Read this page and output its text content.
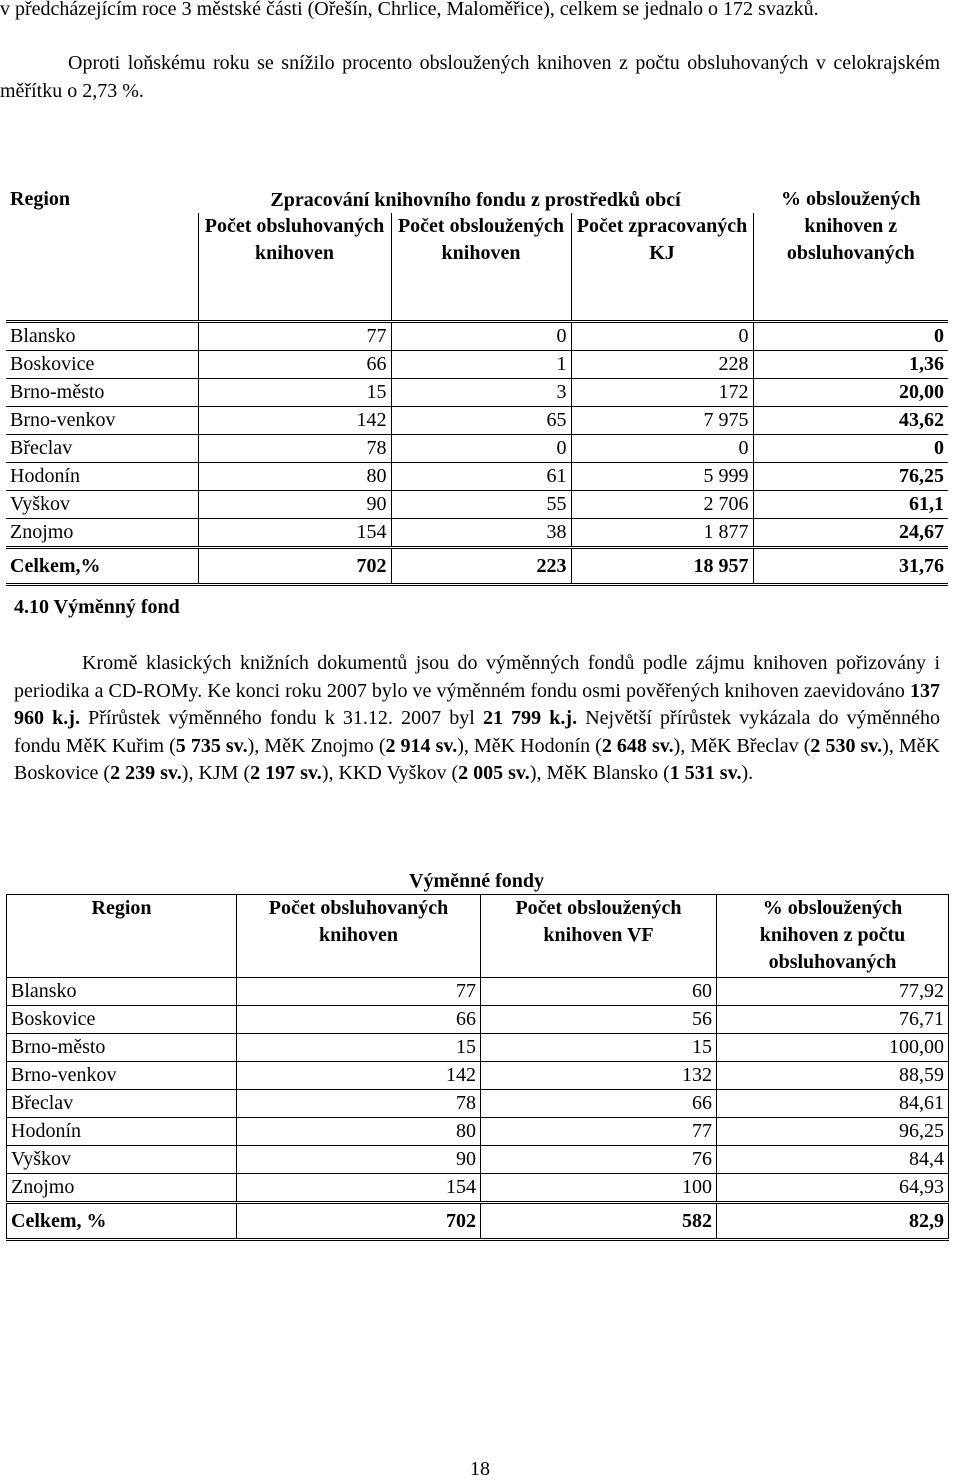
v předcházejícím roce 3 městské části (Ořešín, Chrlice, Maloměřice), celkem se jednalo o 172 svazků.
Oproti loňskému roku se snížilo procento obsloužených knihoven z počtu obsluhovaných v celokrajském měřítku o 2,73 %.
	Zpracování knihovního fondu z prostředků obcí			
Region	Počet obsluhovaných knihoven	Počet obsloužených knihoven	Počet zpracovaných KJ	% obsloužených knihoven z obsluhovaných
Blansko	77	0	0	0
Boskovice	66	1	228	1,36
Brno-město	15	3	172	20,00
Brno-venkov	142	65	7 975	43,62
Břeclav	78	0	0	0
Hodonín	80	61	5 999	76,25
Vyškov	90	55	2 706	61,1
Znojmo	154	38	1 877	24,67
Celkem,%	702	223	18 957	31,76
4.10 Výměnný fond
Kromě klasických knižních dokumentů jsou do výměnných fondů podle zájmu knihoven pořizovány i periodika a CD-ROMy. Ke konci roku 2007 bylo ve výměnném fondu osmi pověřených knihoven zaevidováno 137 960 k.j. Přírůstek výměnného fondu k 31.12. 2007 byl 21 799 k.j. Největší přírůstek vykázala do výměnného fondu MěK Kuřim (5 735 sv.), MěK Znojmo (2 914 sv.), MěK Hodonín (2 648 sv.), MěK Břeclav (2 530 sv.), MěK Boskovice (2 239 sv.), KJM (2 197 sv.), KKD Vyškov (2 005 sv.), MěK Blansko (1 531 sv.).
	Výměnné fondy		
Region	Počet obsluhovaných knihoven	Počet obsloužených knihoven VF	% obsloužených knihoven z počtu obsluhovaných
Blansko	77	60	77,92
Boskovice	66	56	76,71
Brno-město	15	15	100,00
Brno-venkov	142	132	88,59
Břeclav	78	66	84,61
Hodonín	80	77	96,25
Vyškov	90	76	84,4
Znojmo	154	100	64,93
Celkem, %	702	582	82,9
18
